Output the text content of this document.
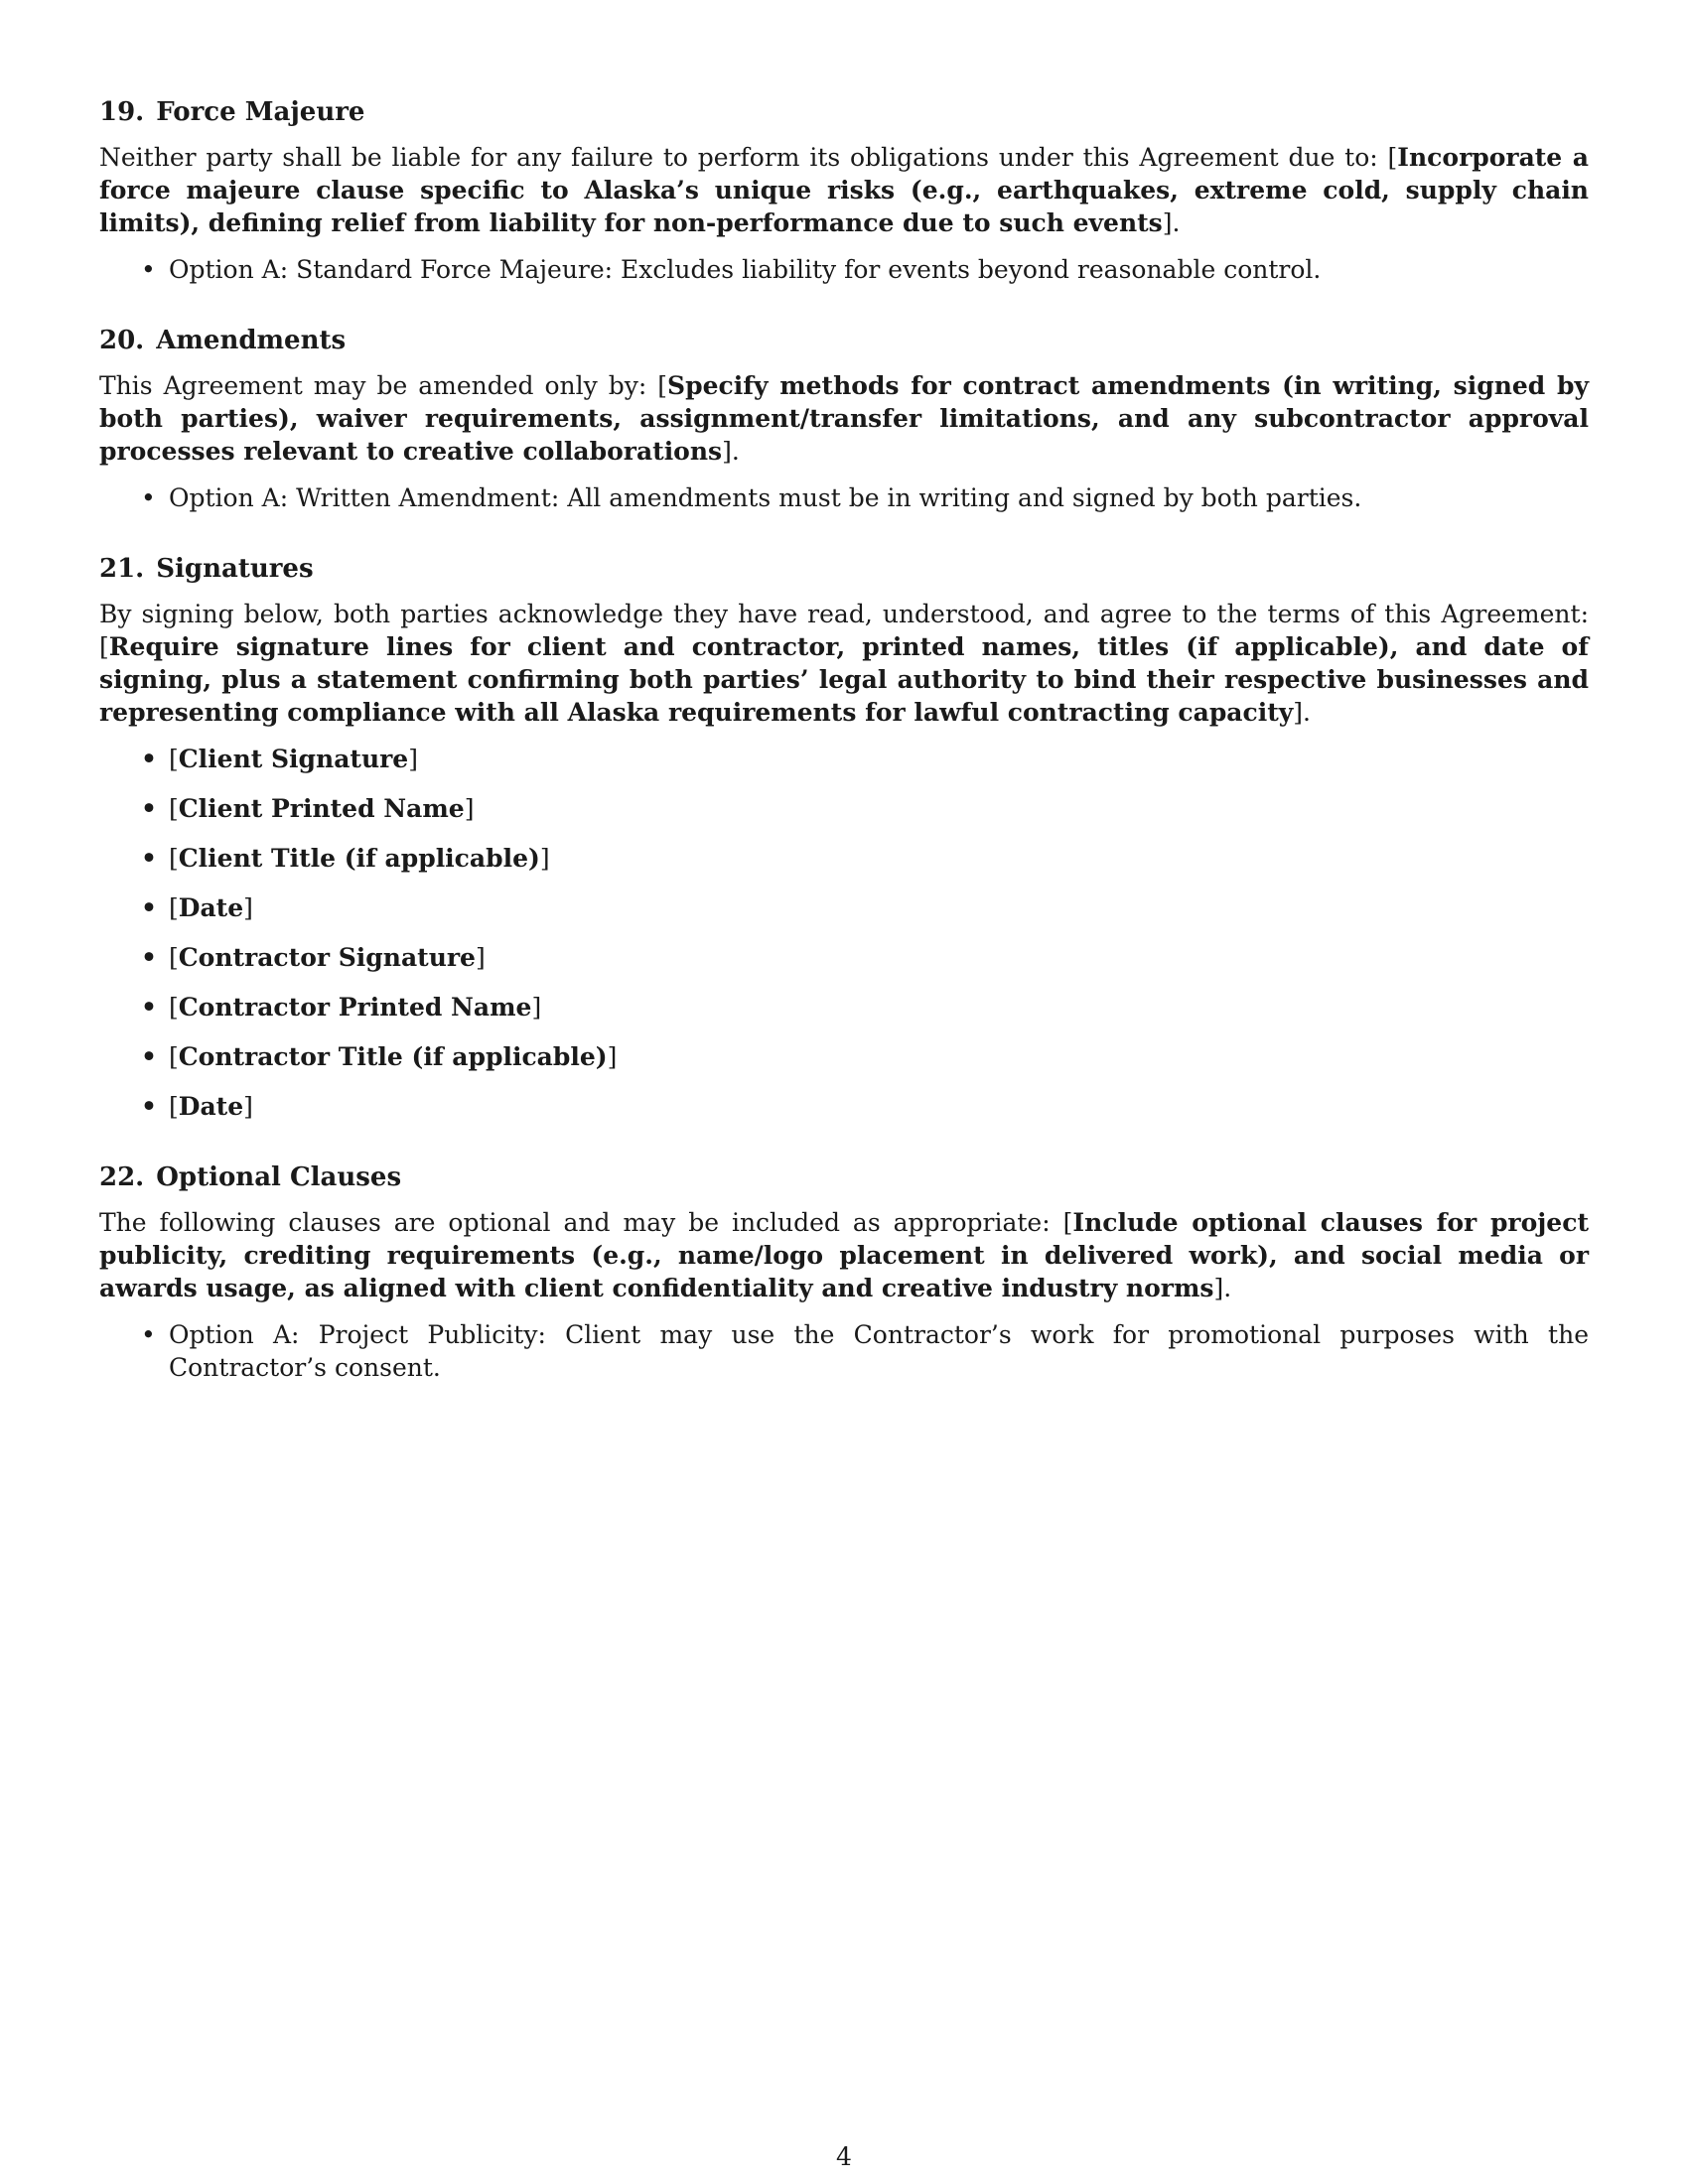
19. Force Majeure

Neither party shall be liable for any failure to perform its obligations under this Agreement due to: [Incorporate a force majeure clause specific to Alaska’s unique risks (e.g., earthquakes, extreme cold, supply chain limits), defining relief from liability for non-performance due to such events].

• Option A: Standard Force Majeure: Excludes liability for events beyond reasonable control.
20. Amendments

This Agreement may be amended only by: [Specify methods for contract amendments (in writing, signed by both parties), waiver requirements, assignment/transfer limitations, and any subcontractor approval processes relevant to creative collaborations].

• Option A: Written Amendment: All amendments must be in writing and signed by both parties.
21. Signatures

By signing below, both parties acknowledge they have read, understood, and agree to the terms of this Agreement: [Require signature lines for client and contractor, printed names, titles (if applicable), and date of signing, plus a statement confirming both parties’ legal authority to bind their respective businesses and representing compliance with all Alaska requirements for lawful contracting capacity].

• [Client Signature]
• [Client Printed Name]
• [Client Title (if applicable)]
• [Date]
• [Contractor Signature]
• [Contractor Printed Name]
• [Contractor Title (if applicable)]
• [Date]
22. Optional Clauses

The following clauses are optional and may be included as appropriate: [Include optional clauses for project publicity, crediting requirements (e.g., name/logo placement in delivered work), and social media or awards usage, as aligned with client confidentiality and creative industry norms].

• Option A: Project Publicity: Client may use the Contractor’s work for promotional purposes with the Contractor’s consent.
4
